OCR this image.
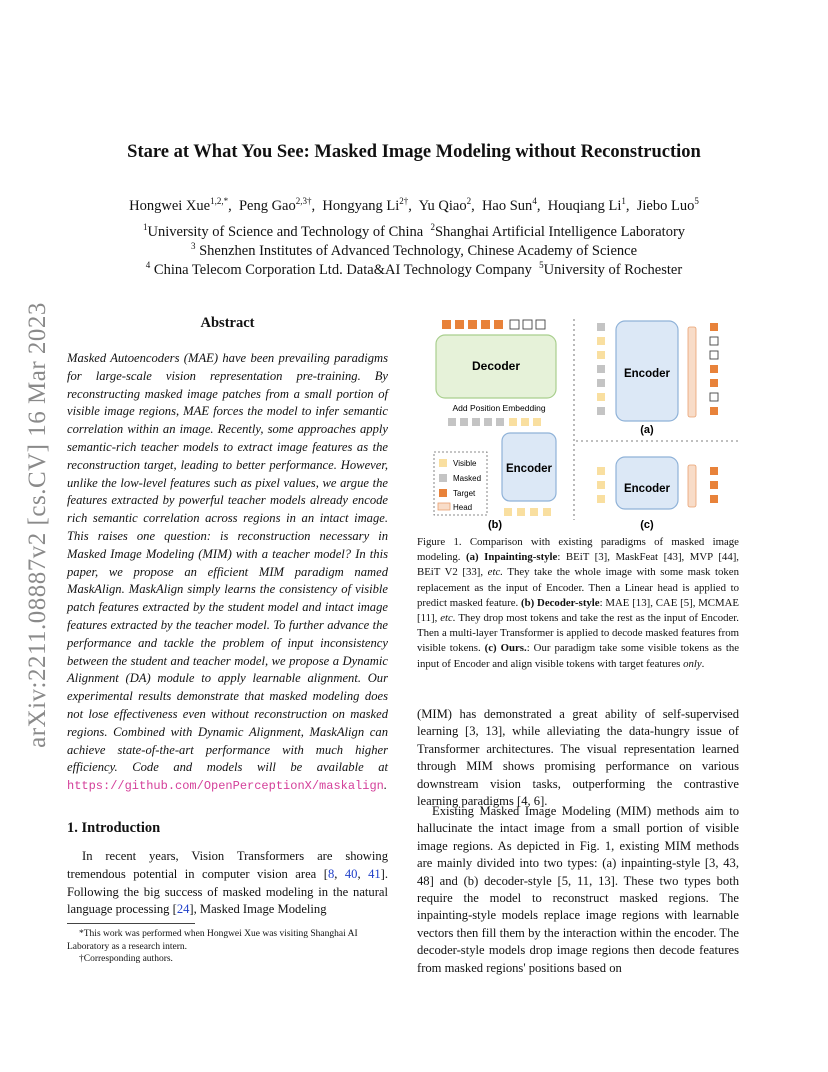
arXiv:2211.08887v2 [cs.CV] 16 Mar 2023
Stare at What You See: Masked Image Modeling without Reconstruction
Hongwei Xue$^{1,2,*}$,  Peng Gao$^{2,3\dagger}$,  Hongyang $Li^{2\dagger}$,  Yu Qiao$^2$,  Hao Sun$^4$,  Houqiang Li$^1$,  Jiebo Luo$^5$
$^1$University of Science and Technology of China $^2$Shanghai Artificial Intelligence Laboratory
$^3$ Shenzhen Institutes of Advanced Technology, Chinese Academy of Science
$^4$ China Telecom Corporation Ltd. Data&AI Technology Company $^5$University of Rochester
Abstract
Masked Autoencoders (MAE) have been prevailing paradigms for large-scale vision representation pre-training. By reconstructing masked image patches from a small portion of visible image regions, MAE forces the model to infer semantic correlation within an image. Recently, some approaches apply semantic-rich teacher models to extract image features as the reconstruction target, leading to better performance. However, unlike the low-level features such as pixel values, we argue the features extracted by powerful teacher models already encode rich semantic correlation across regions in an intact image. This raises one question: is reconstruction necessary in Masked Image Modeling (MIM) with a teacher model? In this paper, we propose an efficient MIM paradigm named MaskAlign. MaskAlign simply learns the consistency of visible patch features extracted by the student model and intact image features extracted by the teacher model. To further advance the performance and tackle the problem of input inconsistency between the student and teacher model, we propose a Dynamic Alignment (DA) module to apply learnable alignment. Our experimental results demonstrate that masked modeling does not lose effectiveness even without reconstruction on masked regions. Combined with Dynamic Alignment, MaskAlign can achieve state-of-the-art performance with much higher efficiency. Code and models will be available at https://github.com/OpenPerceptionX/maskalign.
1. Introduction
In recent years, Vision Transformers are showing tremendous potential in computer vision area [8, 40, 41]. Following the big success of masked modeling in the natural language processing [24], Masked Image Modeling
*This work was performed when Hongwei Xue was visiting Shanghai AI Laboratory as a research intern.
†Corresponding authors.
Decoder
Add Position Embedding
Encoder
Visible
Masked
Target
Head
(b)
Encoder
(a)
Encoder
(c)
Figure 1. Comparison with existing paradigms of masked image modeling. (a) Inpainting-style: BEiT [3], MaskFeat [43], MVP [44], BEiT V2 [33], etc. They take the whole image with some mask token replacement as the input of Encoder. Then a Linear head is applied to predict masked feature. (b) Decoder-style: MAE [13], CAE [5], MCMAE [11], etc. They drop most tokens and take the rest as the input of Encoder. Then a multi-layer Transformer is applied to decode masked features from visible tokens. (c) Ours.: Our paradigm take some visible tokens as the input of Encoder and align visible tokens with target features only.
(MIM) has demonstrated a great ability of self-supervised learning [3, 13], while alleviating the data-hungry issue of Transformer architectures. The visual representation learned through MIM shows promising performance on various downstream vision tasks, outperforming the contrastive learning paradigms [4, 6].
Existing Masked Image Modeling (MIM) methods aim to hallucinate the intact image from a small portion of visible image regions. As depicted in Fig. 1, existing MIM methods are mainly divided into two types: (a) inpainting-style [3, 43, 48] and (b) decoder-style [5, 11, 13]. These two types both require the model to reconstruct masked regions. The inpainting-style models replace image regions with learnable vectors then fill them by the interaction within the encoder. The decoder-style models drop image regions then decode features from masked regions' positions based on
